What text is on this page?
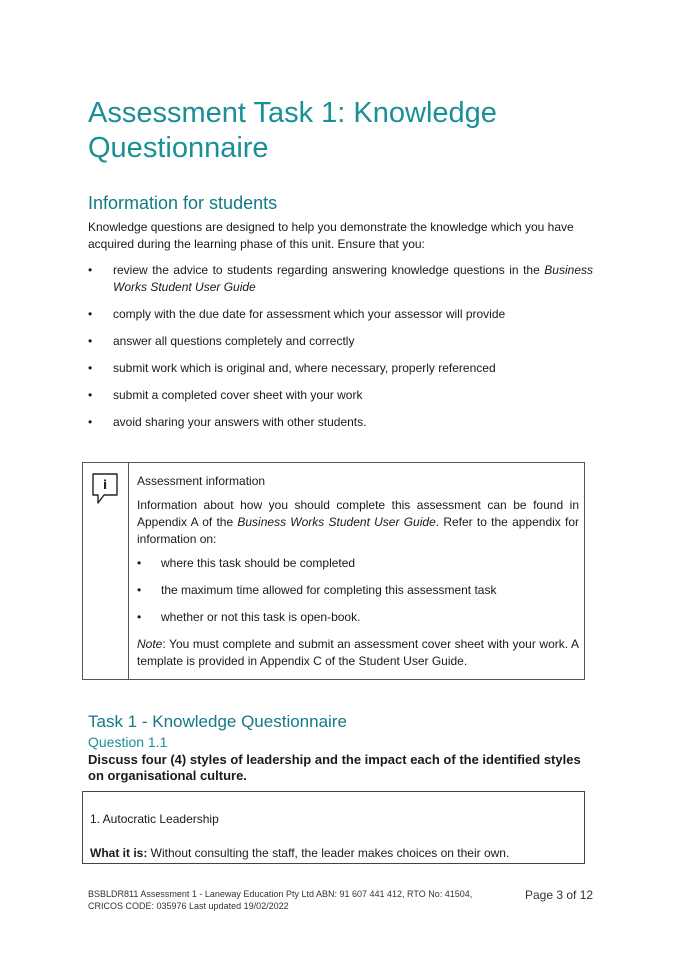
Assessment Task 1: Knowledge Questionnaire
Information for students
Knowledge questions are designed to help you demonstrate the knowledge which you have acquired during the learning phase of this unit. Ensure that you:
• review the advice to students regarding answering knowledge questions in the Business Works Student User Guide
• comply with the due date for assessment which your assessor will provide
• answer all questions completely and correctly
• submit work which is original and, where necessary, properly referenced
• submit a completed cover sheet with your work
• avoid sharing your answers with other students.
i Assessment information
Information about how you should complete this assessment can be found in Appendix A of the Business Works Student User Guide. Refer to the appendix for information on:
• where this task should be completed
• the maximum time allowed for completing this assessment task
• whether or not this task is open-book.
Note: You must complete and submit an assessment cover sheet with your work. A template is provided in Appendix C of the Student User Guide.
Task 1 - Knowledge Questionnaire
Question 1.1
Discuss four (4) styles of leadership and the impact each of the identified styles on organisational culture.
1. Autocratic Leadership
What it is: Without consulting the staff, the leader makes choices on their own.
BSBLDR811 Assessment 1 - Laneway Education Pty Ltd ABN: 91 607 441 412, RTO No: 41504, CRICOS CODE: 035976 Last updated 19/02/2022
Page 3 of 12
